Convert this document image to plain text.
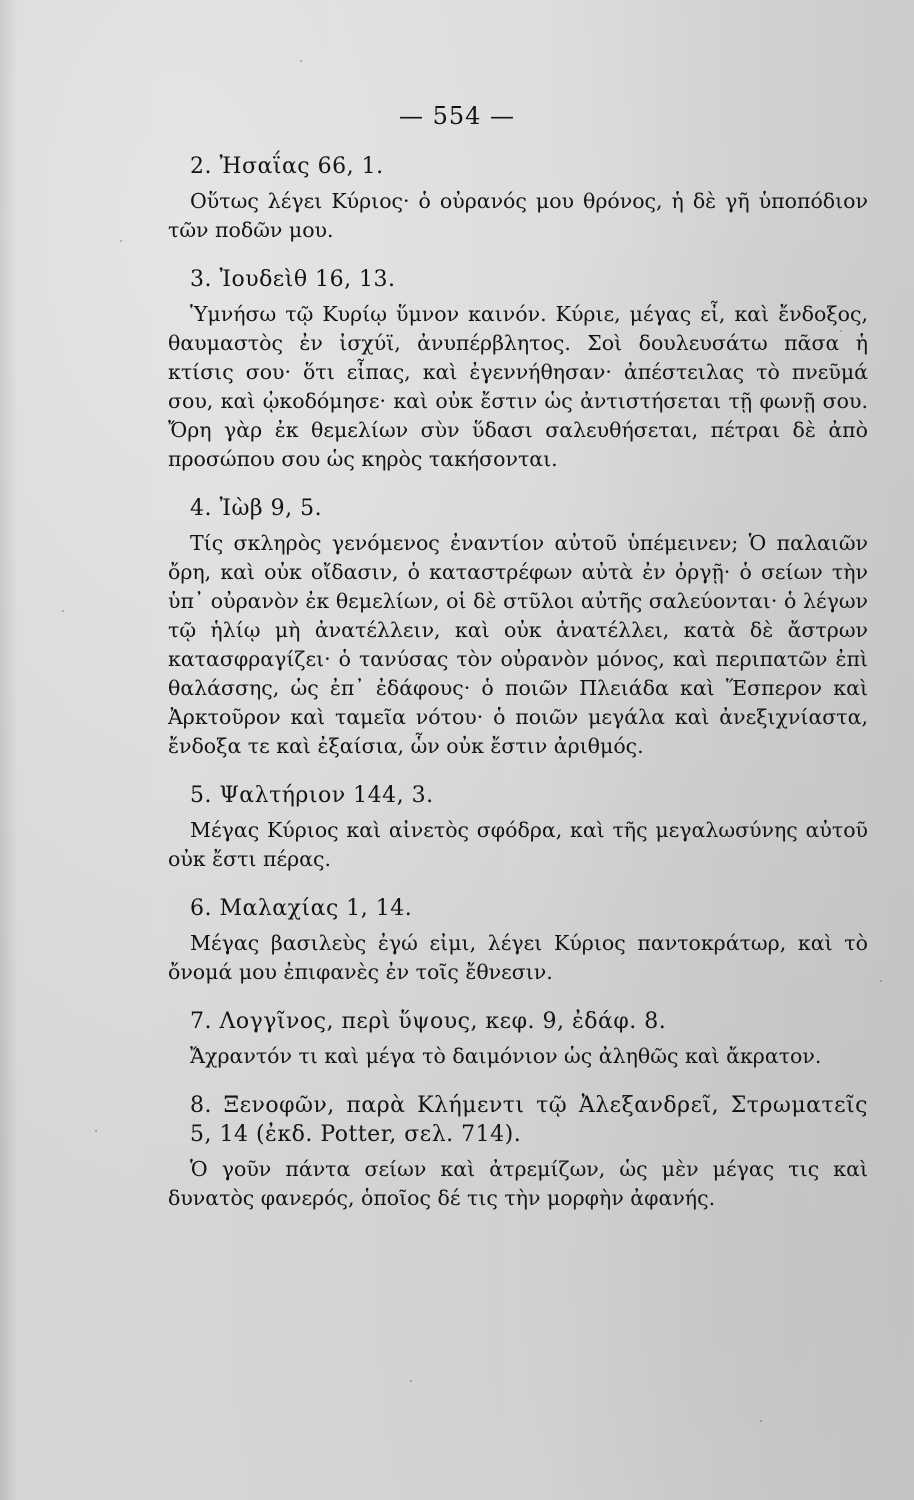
— 554 —
2. Ἠσαΐας 66, 1.

Οὕτως λέγει Κύριος· ὁ οὐρανός μου θρόνος, ἡ δὲ γῆ ὑποπόδιον τῶν ποδῶν μου.

3. Ἰουδεὶθ 16, 13.

Ὑμνήσω τῷ Κυρίῳ ὕμνον καινόν. Κύριε, μέγας εἶ, καὶ ἔνδοξος, θαυμαστὸς ἐν ἰσχύϊ, ἀνυπέρβλητος. Σοὶ δουλευσάτω πᾶσα ἡ κτίσις σου· ὅτι εἶπας, καὶ ἐγεννήθησαν· ἀπέστειλας τὸ πνεῦμά σου, καὶ ᾠκοδόμησε· καὶ οὐκ ἔστιν ὡς ἀντιστήσεται τῇ φωνῇ σου. Ὄρη γὰρ ἐκ θεμελίων σὺν ὕδασι σαλευθήσεται, πέτραι δὲ ἀπὸ προσώπου σου ὡς κηρὸς τακήσονται.

4. Ἰὼβ 9, 5.

Τίς σκληρὸς γενόμενος ἐναντίον αὐτοῦ ὑπέμεινεν; Ὁ παλαιῶν ὄρη, καὶ οὐκ οἴδασιν, ὁ καταστρέφων αὐτὰ ἐν ὀργῇ· ὁ σείων τὴν ὑπ᾽ οὐρανὸν ἐκ θεμελίων, οἱ δὲ στῦλοι αὐτῆς σαλεύονται· ὁ λέγων τῷ ἡλίῳ μὴ ἀνατέλλειν, καὶ οὐκ ἀνατέλλει, κατὰ δὲ ἄστρων κατασφραγίζει· ὁ τανύσας τὸν οὐρανὸν μόνος, καὶ περιπατῶν ἐπὶ θαλάσσης, ὡς ἐπ᾽ ἐδάφους· ὁ ποιῶν Πλειάδα καὶ Ἕσπερον καὶ Ἀρκτοῦρον καὶ ταμεῖα νότου· ὁ ποιῶν μεγάλα καὶ ἀνεξιχνίαστα, ἔνδοξα τε καὶ ἐξαίσια, ὧν οὐκ ἔστιν ἀριθμός.

5. Ψαλτήριον 144, 3.

Μέγας Κύριος καὶ αἰνετὸς σφόδρα, καὶ τῆς μεγαλωσύνης αὐτοῦ οὐκ ἔστι πέρας.

6. Μαλαχίας 1, 14.

Μέγας βασιλεὺς ἐγώ εἰμι, λέγει Κύριος παντοκράτωρ, καὶ τὸ ὄνομά μου ἐπιφανὲς ἐν τοῖς ἔθνεσιν.

7. Λογγῖνος, περὶ ὕψους, κεφ. 9, ἐδάφ. 8.

Ἄχραντόν τι καὶ μέγα τὸ δαιμόνιον ὡς ἀληθῶς καὶ ἄκρατον.

8. Ξενοφῶν, παρὰ Κλήμεντι τῷ Ἀλεξανδρεῖ, Στρωματεῖς 5, 14 (ἐκδ. Potter, σελ. 714).

Ὁ γοῦν πάντα σείων καὶ ἀτρεμίζων, ὡς μὲν μέγας τις καὶ δυνατὸς φανερός, ὁποῖος δέ τις τὴν μορφὴν ἀφανής.
